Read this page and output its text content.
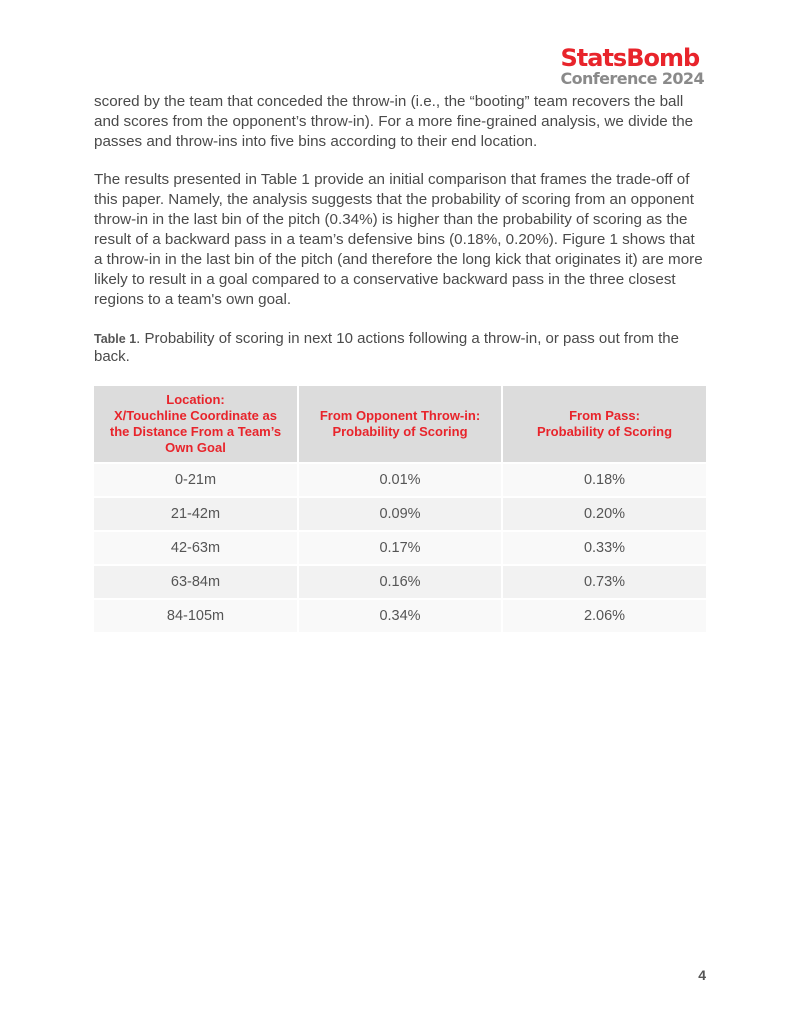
StatsBomb
Conference 2024

scored by the team that conceded the throw-in (i.e., the “booting” team recovers the ball and scores from the opponent’s throw-in). For a more fine-grained analysis, we divide the passes and throw-ins into five bins according to their end location.

The results presented in Table 1 provide an initial comparison that frames the trade-off of this paper. Namely, the analysis suggests that the probability of scoring from an opponent throw-in in the last bin of the pitch (0.34%) is higher than the probability of scoring as the result of a backward pass in a team’s defensive bins (0.18%, 0.20%). Figure 1 shows that a throw-in in the last bin of the pitch (and therefore the long kick that originates it) are more likely to result in a goal compared to a conservative backward pass in the three closest regions to a team's own goal.

Table 1. Probability of scoring in next 10 actions following a throw-in, or pass out from the back.

Location:
X/Touchline Coordinate as
the Distance From a Team’s
Own Goal	From Opponent Throw-in:
Probability of Scoring	From Pass:
Probability of Scoring
0-21m	0.01%	0.18%
21-42m	0.09%	0.20%
42-63m	0.17%	0.33%
63-84m	0.16%	0.73%
84-105m	0.34%	2.06%
4
